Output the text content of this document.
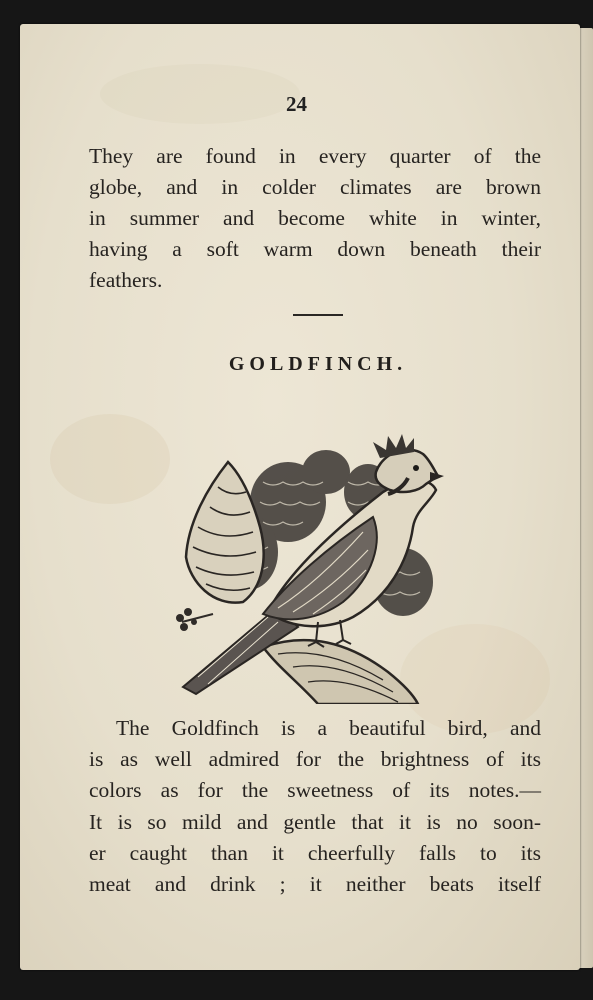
24
They are found in every quarter of the
globe, and in colder climates are brown
in summer and become white in winter,
having a soft warm down beneath their
feathers.
GOLDFINCH.
The Goldfinch is a beautiful bird, and
is as well admired for the brightness of its
colors as for the sweetness of its notes.—
It is so mild and gentle that it is no soon-
er caught than it cheerfully falls to its
meat and drink ; it neither beats itself
